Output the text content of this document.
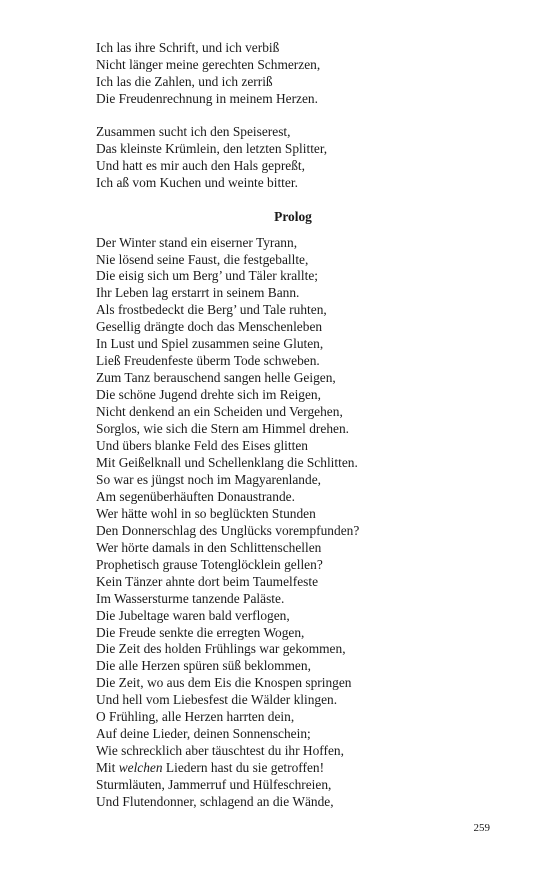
Ich las ihre Schrift, und ich verbiß
Nicht länger meine gerechten Schmerzen,
Ich las die Zahlen, und ich zerriß
Die Freudenrechnung in meinem Herzen.
Zusammen sucht ich den Speiserest,
Das kleinste Krümlein, den letzten Splitter,
Und hatt es mir auch den Hals gepreßt,
Ich aß vom Kuchen und weinte bitter.
Prolog
Der Winter stand ein eiserner Tyrann,
Nie lösend seine Faust, die festgeballte,
Die eisig sich um Berg’ und Täler krallte;
Ihr Leben lag erstarrt in seinem Bann.
Als frostbedeckt die Berg’ und Tale ruhten,
Gesellig drängte doch das Menschenleben
In Lust und Spiel zusammen seine Gluten,
Ließ Freudenfeste überm Tode schweben.
Zum Tanz berauschend sangen helle Geigen,
Die schöne Jugend drehte sich im Reigen,
Nicht denkend an ein Scheiden und Vergehen,
Sorglos, wie sich die Stern am Himmel drehen.
Und übers blanke Feld des Eises glitten
Mit Geißelknall und Schellenklang die Schlitten.
So war es jüngst noch im Magyarenlande,
Am segenüberhäuften Donaustrande.
Wer hätte wohl in so beglückten Stunden
Den Donnerschlag des Unglücks vorempfunden?
Wer hörte damals in den Schlittenschellen
Prophetisch grause Totenglöcklein gellen?
Kein Tänzer ahnte dort beim Taumelfeste
Im Wassersturme tanzende Paläste.
Die Jubeltage waren bald verflogen,
Die Freude senkte die erregten Wogen,
Die Zeit des holden Frühlings war gekommen,
Die alle Herzen spüren süß beklommen,
Die Zeit, wo aus dem Eis die Knospen springen
Und hell vom Liebesfest die Wälder klingen.
O Frühling, alle Herzen harrten dein,
Auf deine Lieder, deinen Sonnenschein;
Wie schrecklich aber täuschtest du ihr Hoffen,
Mit welchen Liedern hast du sie getroffen!
Sturmläuten, Jammerruf und Hülfeschreien,
Und Flutendonner, schlagend an die Wände,
259
